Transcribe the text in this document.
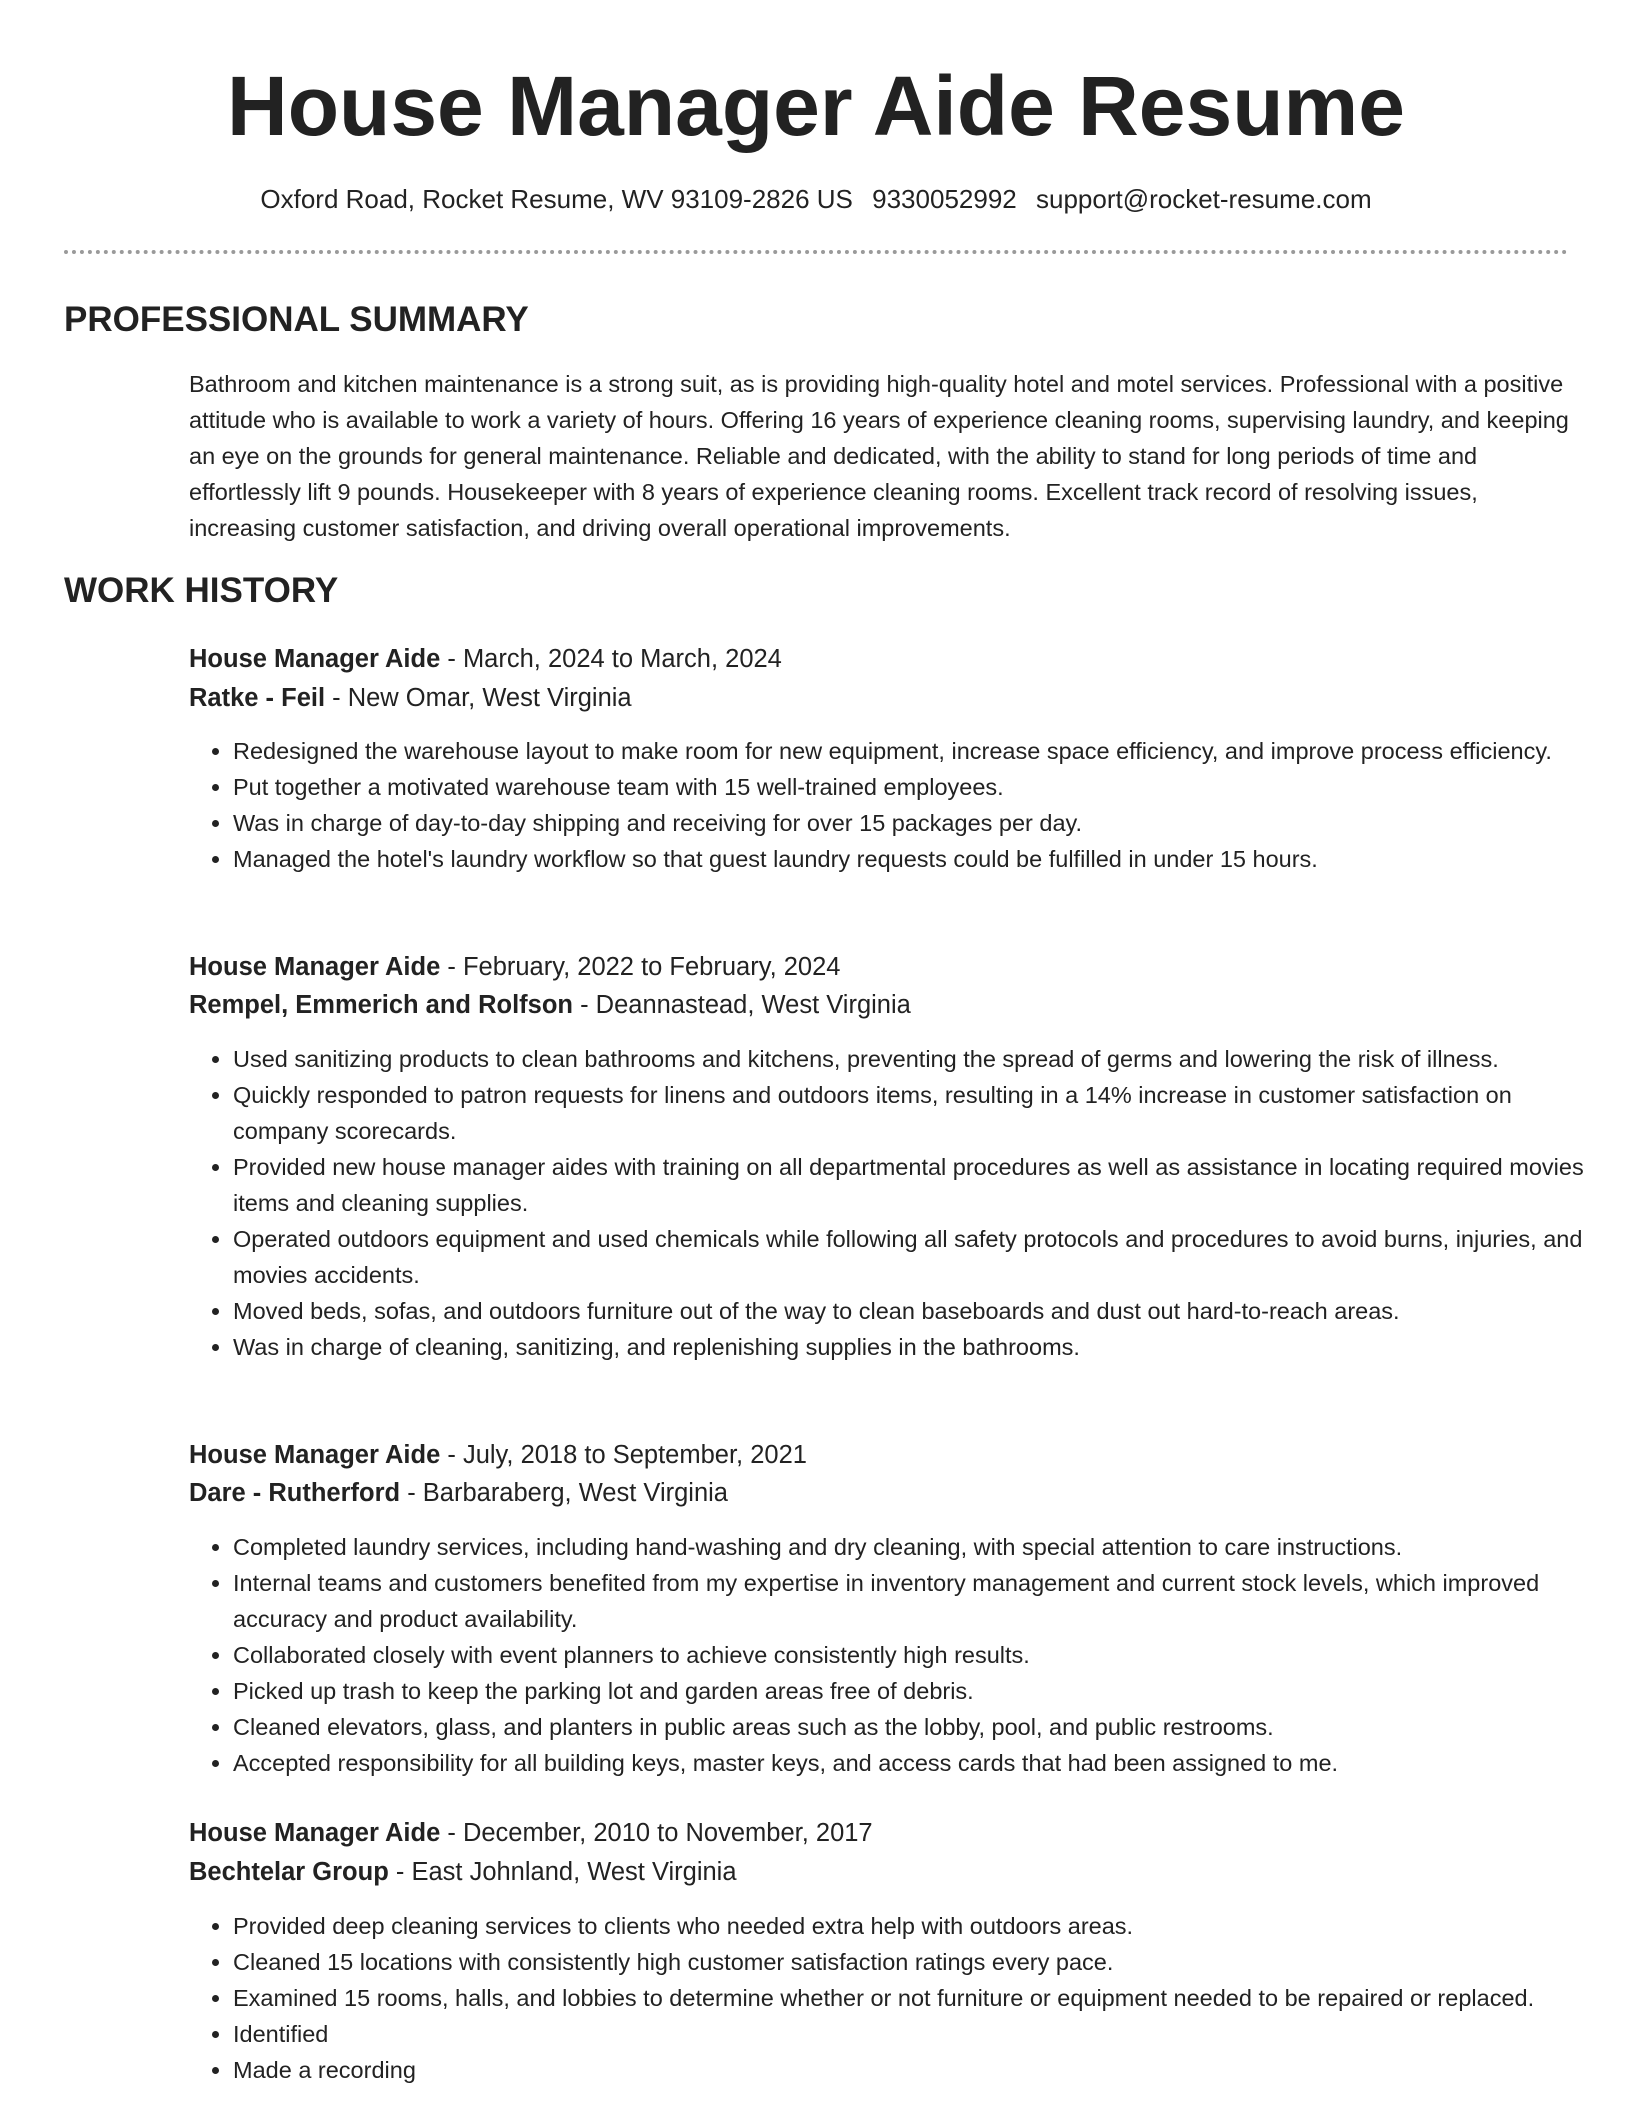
House Manager Aide Resume
Oxford Road, Rocket Resume, WV 93109-2826 US 9330052992 support@rocket-resume.com
PROFESSIONAL SUMMARY
Bathroom and kitchen maintenance is a strong suit, as is providing high-quality hotel and motel services. Professional with a positive attitude who is available to work a variety of hours. Offering 16 years of experience cleaning rooms, supervising laundry, and keeping an eye on the grounds for general maintenance. Reliable and dedicated, with the ability to stand for long periods of time and effortlessly lift 9 pounds. Housekeeper with 8 years of experience cleaning rooms. Excellent track record of resolving issues, increasing customer satisfaction, and driving overall operational improvements.
WORK HISTORY
House Manager Aide - March, 2024 to March, 2024
Ratke - Feil - New Omar, West Virginia
• Redesigned the warehouse layout to make room for new equipment, increase space efficiency, and improve process efficiency.
• Put together a motivated warehouse team with 15 well-trained employees.
• Was in charge of day-to-day shipping and receiving for over 15 packages per day.
• Managed the hotel's laundry workflow so that guest laundry requests could be fulfilled in under 15 hours.
House Manager Aide - February, 2022 to February, 2024
Rempel, Emmerich and Rolfson - Deannastead, West Virginia
• Used sanitizing products to clean bathrooms and kitchens, preventing the spread of germs and lowering the risk of illness.
• Quickly responded to patron requests for linens and outdoors items, resulting in a 14% increase in customer satisfaction on company scorecards.
• Provided new house manager aides with training on all departmental procedures as well as assistance in locating required movies items and cleaning supplies.
• Operated outdoors equipment and used chemicals while following all safety protocols and procedures to avoid burns, injuries, and movies accidents.
• Moved beds, sofas, and outdoors furniture out of the way to clean baseboards and dust out hard-to-reach areas.
• Was in charge of cleaning, sanitizing, and replenishing supplies in the bathrooms.
House Manager Aide - July, 2018 to September, 2021
Dare - Rutherford - Barbaraberg, West Virginia
• Completed laundry services, including hand-washing and dry cleaning, with special attention to care instructions.
• Internal teams and customers benefited from my expertise in inventory management and current stock levels, which improved accuracy and product availability.
• Collaborated closely with event planners to achieve consistently high results.
• Picked up trash to keep the parking lot and garden areas free of debris.
• Cleaned elevators, glass, and planters in public areas such as the lobby, pool, and public restrooms.
• Accepted responsibility for all building keys, master keys, and access cards that had been assigned to me.
House Manager Aide - December, 2010 to November, 2017
Bechtelar Group - East Johnland, West Virginia
• Provided deep cleaning services to clients who needed extra help with outdoors areas.
• Cleaned 15 locations with consistently high customer satisfaction ratings every pace.
• Examined 15 rooms, halls, and lobbies to determine whether or not furniture or equipment needed to be repaired or replaced.
• Identified
• Made a recording
